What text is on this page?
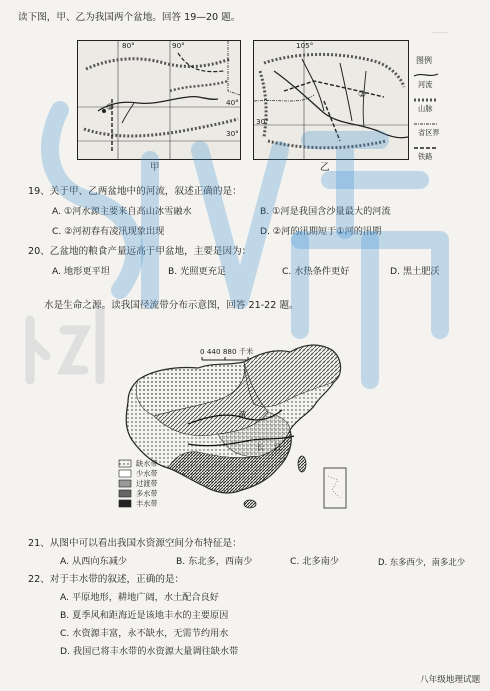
——
读下图，甲、乙为我国两个盆地。回答 19—20 题。
80°	90°
40°
30°
①
甲
105°
30°
②
乙
图例
河流
山脉
省区界
铁路
19、关于甲、乙两盆地中的河流，叙述正确的是：
A. ①河水源主要来自高山冰雪融水	B. ①河是我国含沙量最大的河流
C. ②河初春有凌汛现象出现	D. ②河的汛期短于①河的汛期
20、乙盆地的粮食产量远高于甲盆地，主要是因为：
A. 地形更平坦	B. 光照更充足	C. 水热条件更好	D. 黑土肥沃
水是生命之源。读我国径流带分布示意图，回答 21-22 题。
0 440 880 千米
黄
长 江
缺水带
少水带
过渡带
多水带
丰水带
21、从图中可以看出我国水资源空间分布特征是：
A. 从西向东减少	B. 东北多，西南少	C. 北多南少	D. 东多西少，南多北少
22、对于丰水带的叙述，正确的是：
A. 平原地形，耕地广阔，水土配合良好
B. 夏季风和距海近是该地丰水的主要原因
C. 水资源丰富，永不缺水，无需节约用水
D. 我国已将丰水带的水资源大量调往缺水带
八年级地理试题
